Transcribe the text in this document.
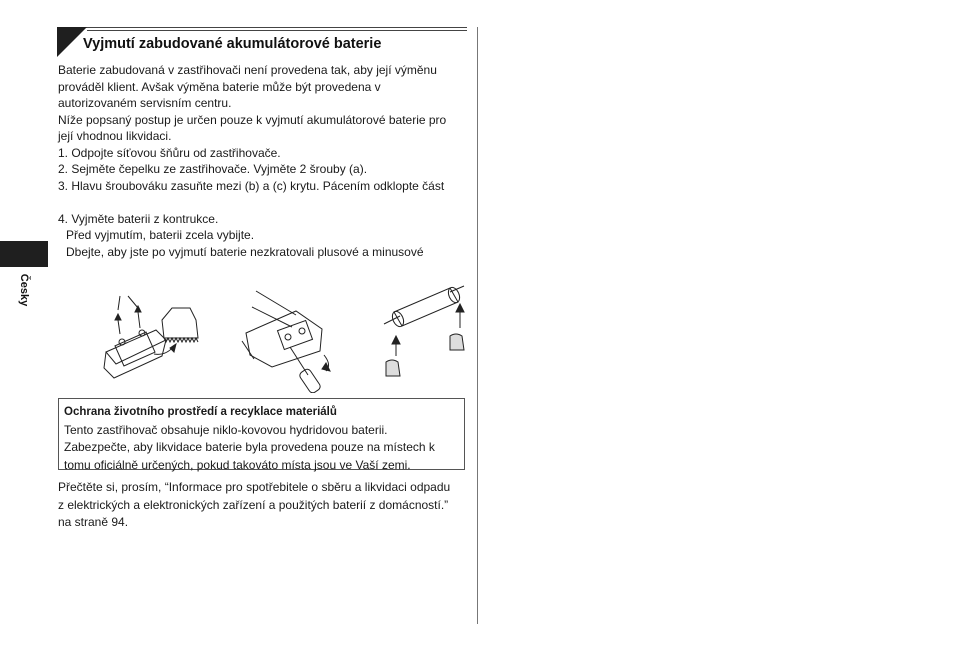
Česky
Vyjmutí zabudované akumulátorové baterie

Baterie zabudovaná v zastřihovači není provedena tak, aby její výměnu

prováděl klient. Avšak výměna baterie může být provedena v

autorizovaném servisním centru.

Níže popsaný postup je určen pouze k vyjmutí akumulátorové baterie pro

její vhodnou likvidaci.

1. Odpojte síťovou šňůru od zastřihovače.

2. Sejměte čepelku ze zastřihovače. Vyjměte 2 šrouby (a).

3. Hlavu šroubováku zasuňte mezi (b) a (c) krytu. Pácením odklopte část

4. Vyjměte baterii z kontrukce.

Před vyjmutím, baterii zcela vybijte.

Dbejte, aby jste po vyjmutí baterie nezkratovali plusové a minusové

Ochrana životního prostředí a recyklace materiálů

Tento zastřihovač obsahuje niklo-kovovou hydridovou baterii.

Zabezpečte, aby likvidace baterie byla provedena pouze na místech k

tomu oficiálně určených, pokud takováto místa jsou ve Vaší zemi.

Přečtěte si, prosím, “Informace pro spotřebitele o sběru a likvidaci odpadu

z elektrických a elektronických zařízení a použitých baterií z domácností.”

na straně 94.
